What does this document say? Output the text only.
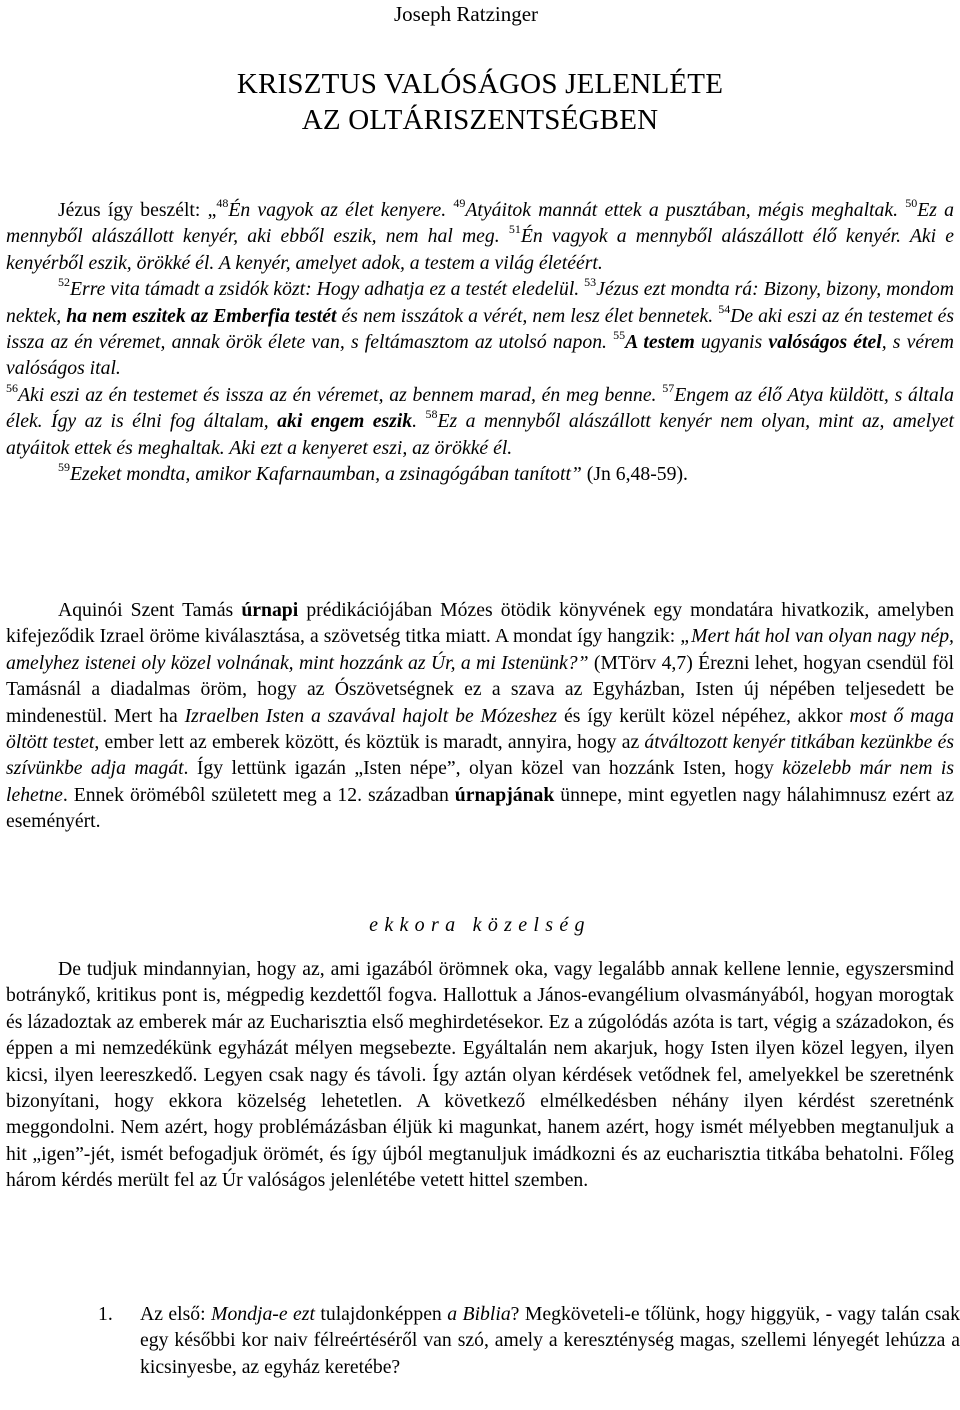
Joseph Ratzinger
KRISZTUS VALÓSÁGOS JELENLÉTE
AZ OLTÁRISZENTSÉGBEN

Jézus így beszélt: „$^{48}$Én vagyok az élet kenyere. $^{49}$Atyáitok mannát ettek a pusztában, mégis meghaltak. $^{50}$Ez a mennyből alászállott kenyér, aki ebből eszik, nem hal meg. $^{51}$Én vagyok a mennyből alászállott élő kenyér. Aki e kenyérből eszik, örökké él. A kenyér, amelyet adok, a testem a világ életéért.

$^{52}$Erre vita támadt a zsidók közt: Hogy adhatja ez a testét eledelül. $^{53}$Jézus ezt mondta rá: Bizony, bizony, mondom nektek, ha nem eszitek az Emberfia testét és nem isszátok a vérét, nem lesz élet bennetek. $^{54}$De aki eszi az én testemet és issza az én véremet, annak örök élete van, s feltámasztom az utolsó napon. $^{55}$A testem ugyanis valóságos étel, s vérem valóságos ital.

$^{56}$Aki eszi az én testemet és issza az én véremet, az bennem marad, én meg benne. $^{57}$Engem az élő Atya küldött, s általa élek. Így az is élni fog általam, aki engem eszik. $^{58}$Ez a mennyből alászállott kenyér nem olyan, mint az, amelyet atyáitok ettek és meghaltak. Aki ezt a kenyeret eszi, az örökké él.

$^{59}$Ezeket mondta, amikor Kafarnaumban, a zsinagógában tanított” (Jn 6,48-59).

Aquinói Szent Tamás úrnapi prédikációjában Mózes ötödik könyvének egy mondatára hivatkozik, amelyben kifejeződik Izrael öröme kiválasztása, a szövetség titka miatt. A mondat így hangzik: „Mert hát hol van olyan nagy nép, amelyhez istenei oly közel volnának, mint hozzánk az Úr, a mi Istenünk?” (MTörv 4,7) Érezni lehet, hogyan csendül föl Tamásnál a diadalmas öröm, hogy az Ószövetségnek ez a szava az Egyházban, Isten új népében teljesedett be mindenestül. Mert ha Izraelben Isten a szavával hajolt be Mózeshez és így került közel népéhez, akkor most ő maga öltött testet, ember lett az emberek között, és köztük is maradt, annyira, hogy az átváltozott kenyér titkában kezünkbe és szívünkbe adja magát. Így lettünk igazán „Isten népe”, olyan közel van hozzánk Isten, hogy közelebb már nem is lehetne. Ennek örömébôl született meg a 12. században úrnapjának ünnepe, mint egyetlen nagy hálahimnusz ezért az eseményért.

ekkora közelség

De tudjuk mindannyian, hogy az, ami igazából örömnek oka, vagy legalább annak kellene lennie, egyszersmind botránykő, kritikus pont is, mégpedig kezdettől fogva. Hallottuk a János-evangélium olvasmányából, hogyan morogtak és lázadoztak az emberek már az Eucharisztia első meghirdetésekor. Ez a zúgolódás azóta is tart, végig a századokon, és éppen a mi nemzedékünk egyházát mélyen megsebezte. Egyáltalán nem akarjuk, hogy Isten ilyen közel legyen, ilyen kicsi, ilyen leereszkedő. Legyen csak nagy és távoli. Így aztán olyan kérdések vetődnek fel, amelyekkel be szeretnénk bizonyítani, hogy ekkora közelség lehetetlen. A következő elmélkedésben néhány ilyen kérdést szeretnénk meggondolni. Nem azért, hogy problémázásban éljük ki magunkat, hanem azért, hogy ismét mélyebben megtanuljuk a hit „igen”-jét, ismét befogadjuk örömét, és így újból megtanuljuk imádkozni és az eucharisztia titkába behatolni. Főleg három kérdés merült fel az Úr valóságos jelenlétébe vetett hittel szemben.

1. Az első: Mondja-e ezt tulajdonképpen a Biblia? Megköveteli-e tőlünk, hogy higgyük, - vagy talán csak egy későbbi kor naiv félreértéséről van szó, amely a kereszténység magas, szellemi lényegét lehúzza a kicsinyesbe, az egyház keretébe?
